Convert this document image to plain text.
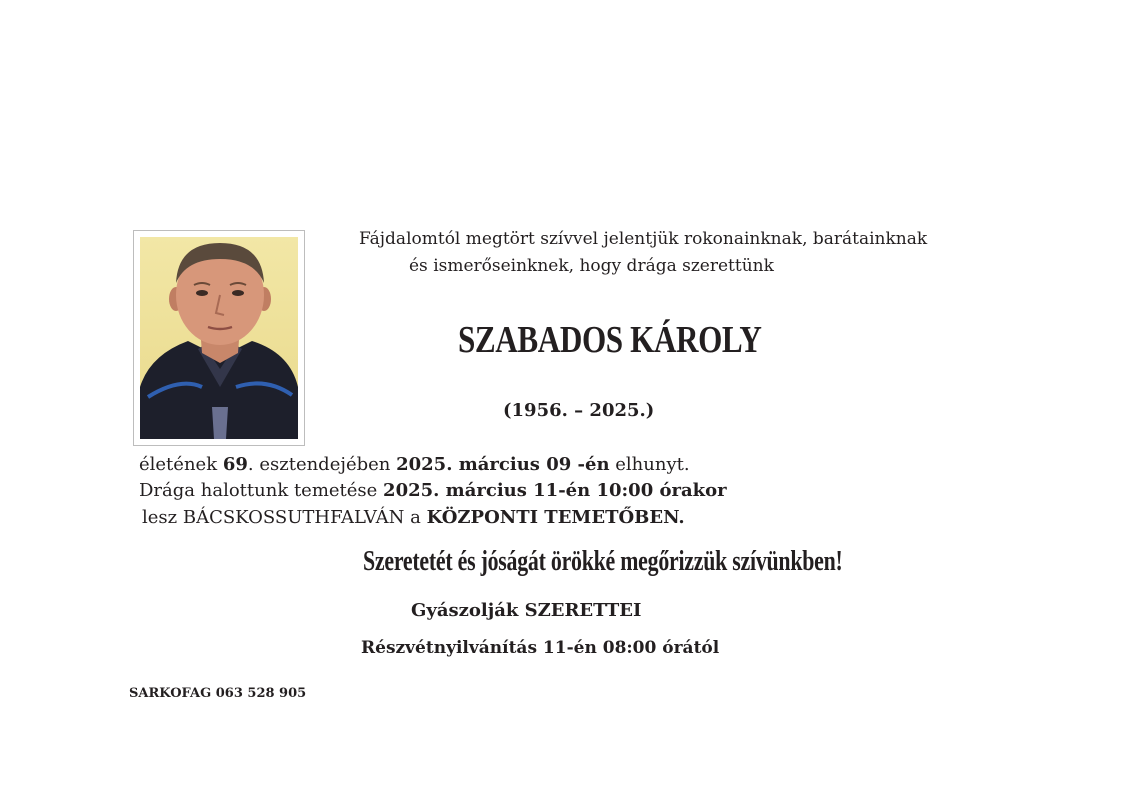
Fájdalomtól megtört szívvel jelentjük rokonainknak, barátainknak
és ismerőseinknek, hogy drága szerettünk
SZABADOS KÁROLY
(1956. – 2025.)
életének 69. esztendejében 2025. március 09 -én elhunyt.
Drága halottunk temetése 2025. március 11-én 10:00 órakor
lesz BÁCSKOSSUTHFALVÁN a KÖZPONTI TEMETŐBEN.
Szeretetét és jóságát örökké megőrizzük szívünkben!
Gyászolják SZERETTEI
Részvétnyilvánítás 11-én 08:00 órától
SARKOFAG 063 528 905
